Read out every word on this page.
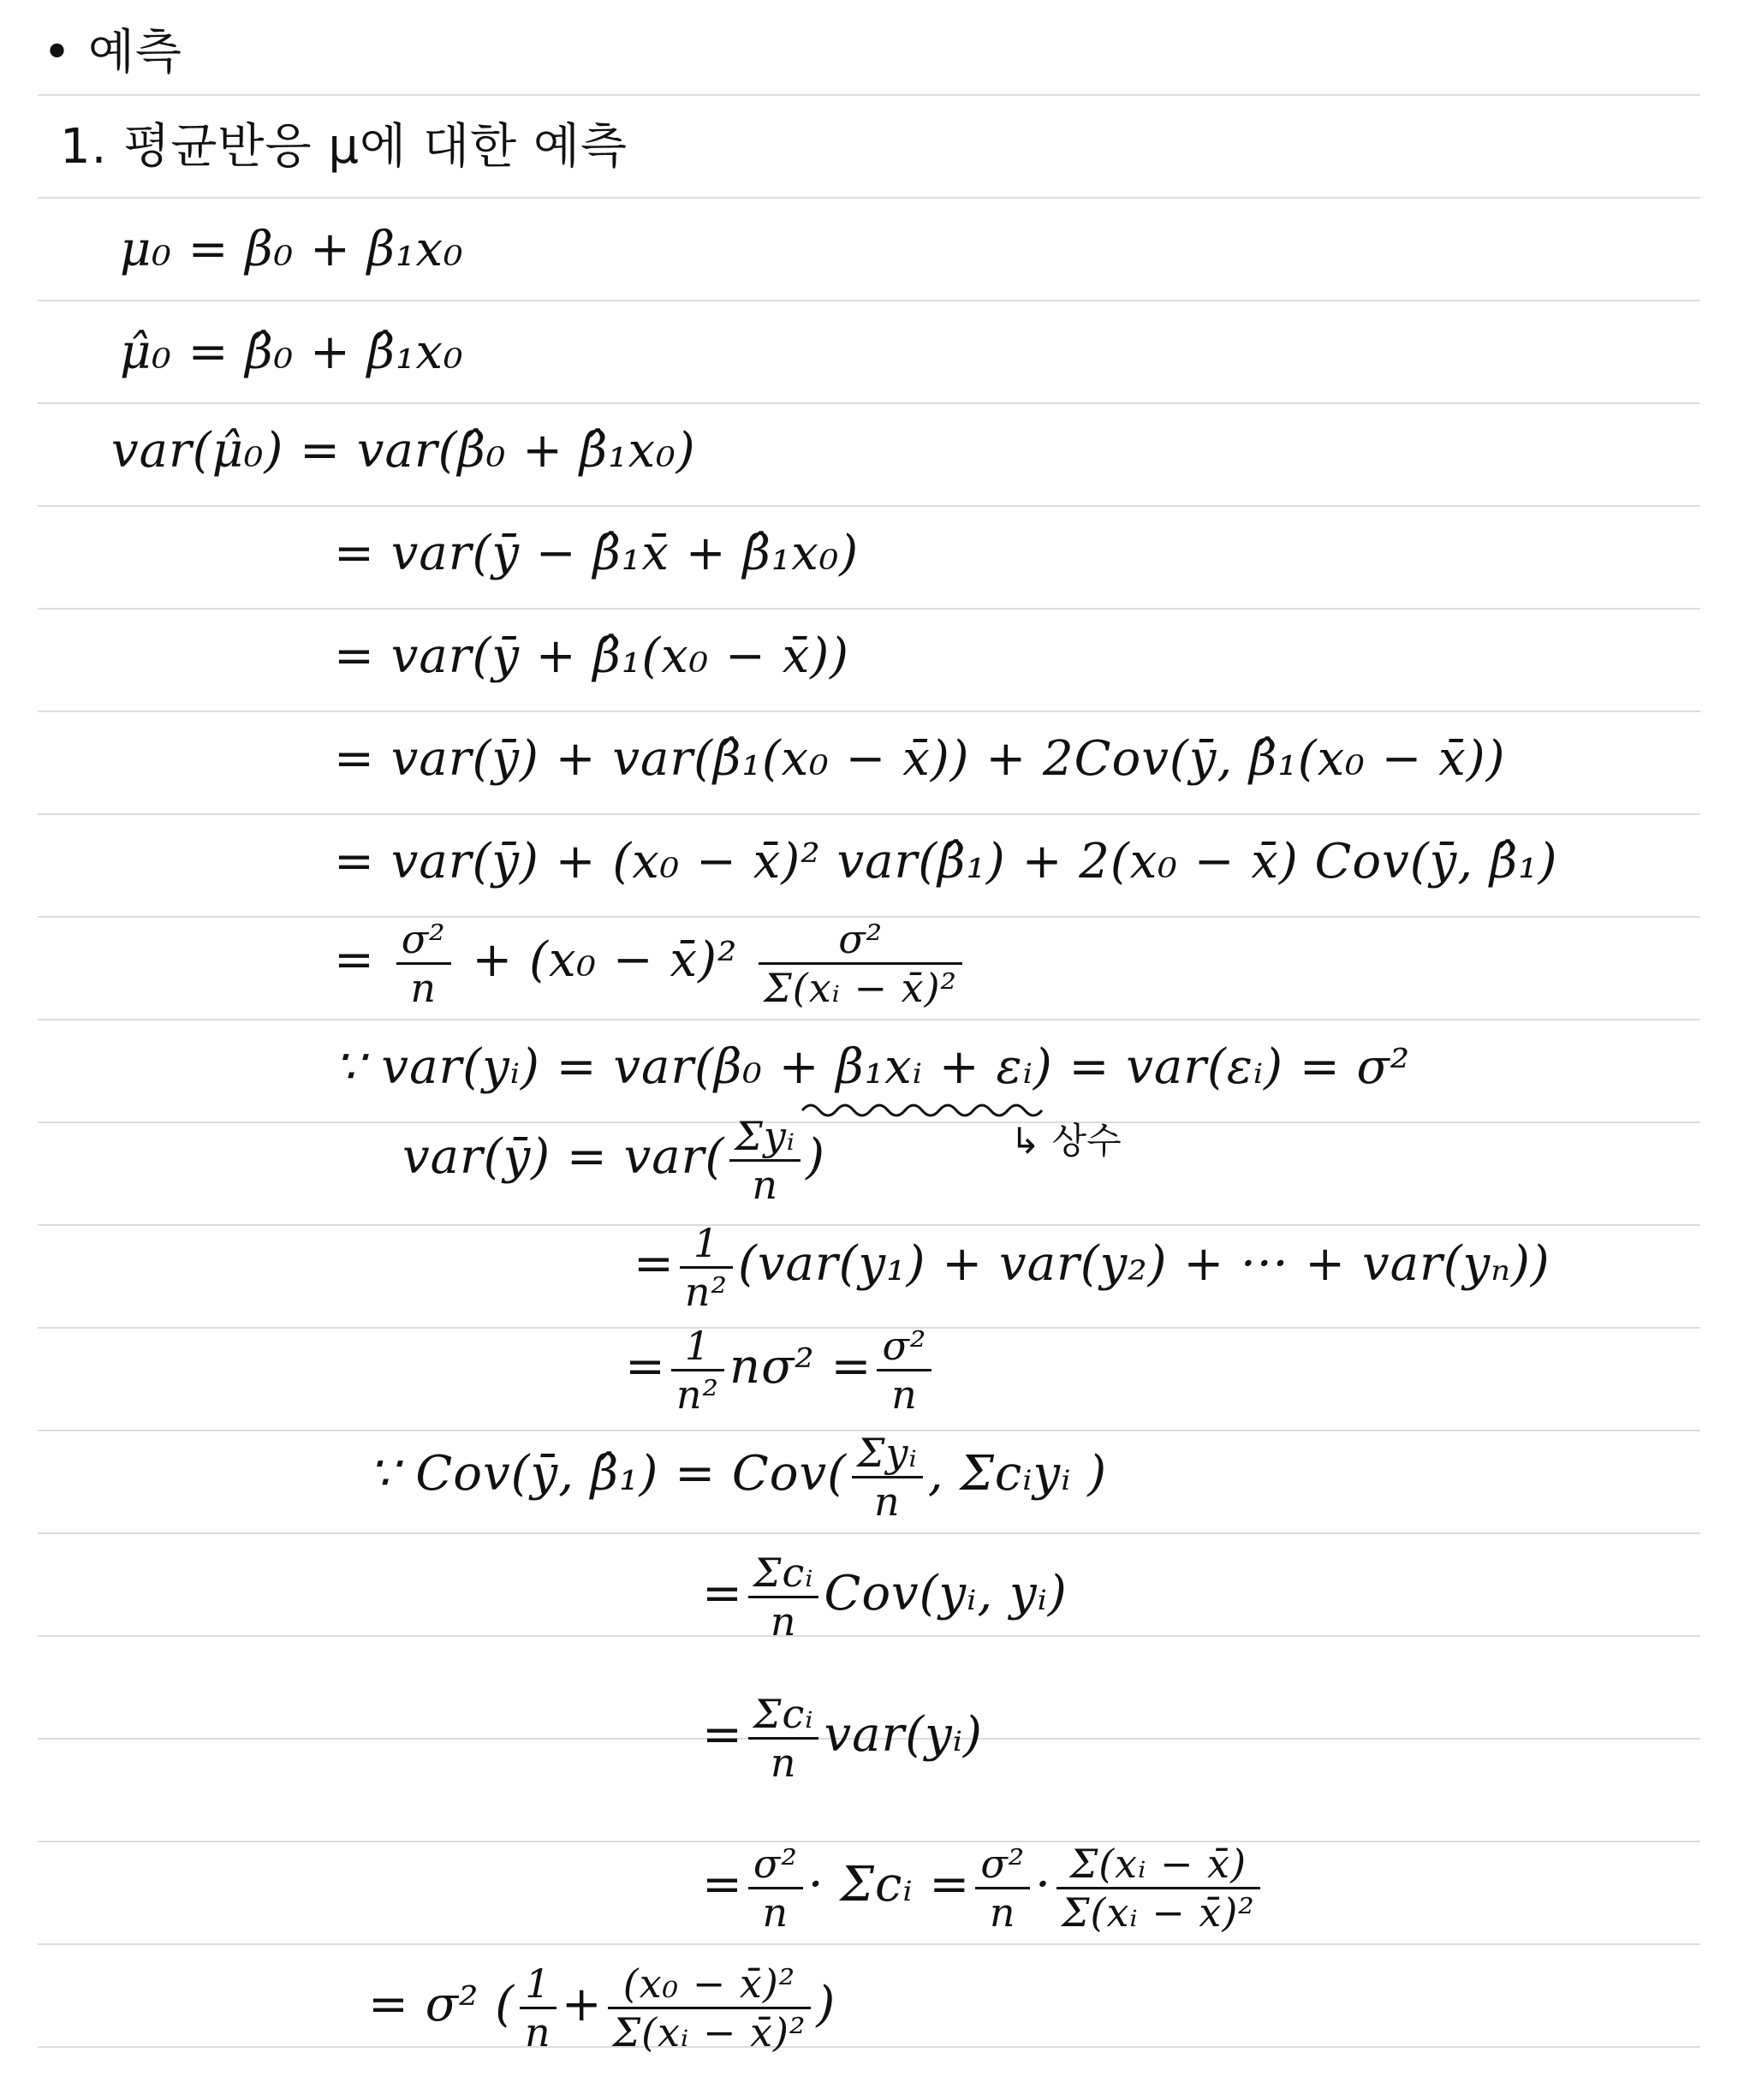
• 예측
1. 평균반응 μ에 대한 예측
μ₀ = β₀ + β₁x₀
μ̂₀ = β̂₀ + β̂₁x₀
var(μ̂₀) = var(β̂₀ + β̂₁x₀)
= var(ȳ − β̂₁x̄ + β̂₁x₀)
= var(ȳ + β̂₁(x₀ − x̄))
= var(ȳ) + var(β̂₁(x₀ − x̄)) + 2Cov(ȳ, β̂₁(x₀ − x̄))
= var(ȳ) + (x₀ − x̄)² var(β̂₁) + 2(x₀ − x̄) Cov(ȳ, β̂₁)
= $\frac{\text{σ²}}{n} + (x_0$ − x̄)² $\frac{\text{σ²}}{\text{Σ(xᵢ − x̄)²}}$
∵ var(yᵢ) = var(β₀ + β₁xᵢ + εᵢ) = var(εᵢ) = σ²
↳ 상수
var(ȳ) = $var( \frac{\text{Σyᵢ}}{n}$ )
= $\frac{1}{\text{n²}} (var(y_1) + var(y_2)$ + ··· + var(yₙ))
= $\frac{1}{\text{n²}} n\sigma^2 = \frac{\text{σ²}}{n}$
∵ Cov(ȳ, β̂₁) = $Cov( \frac{\text{Σyᵢ}}{n}$ , Σcᵢyᵢ )
= $\frac{\text{Σcᵢ}}{n}$ Cov(yᵢ, yᵢ)
= $\frac{\text{Σcᵢ}}{n}$ var(yᵢ)
= $\frac{\text{σ²}}{n}$ · Σcᵢ = $\frac{\text{σ²}}{n} \cdot \frac{\text{Σ(xᵢ − x̄)}}{\text{Σ(xᵢ − x̄)²}}$
= σ² ( $\frac{1}{n} + \frac{\text{(x₀ − x̄)²}}{\text{Σ(xᵢ − x̄)²}}$ )
